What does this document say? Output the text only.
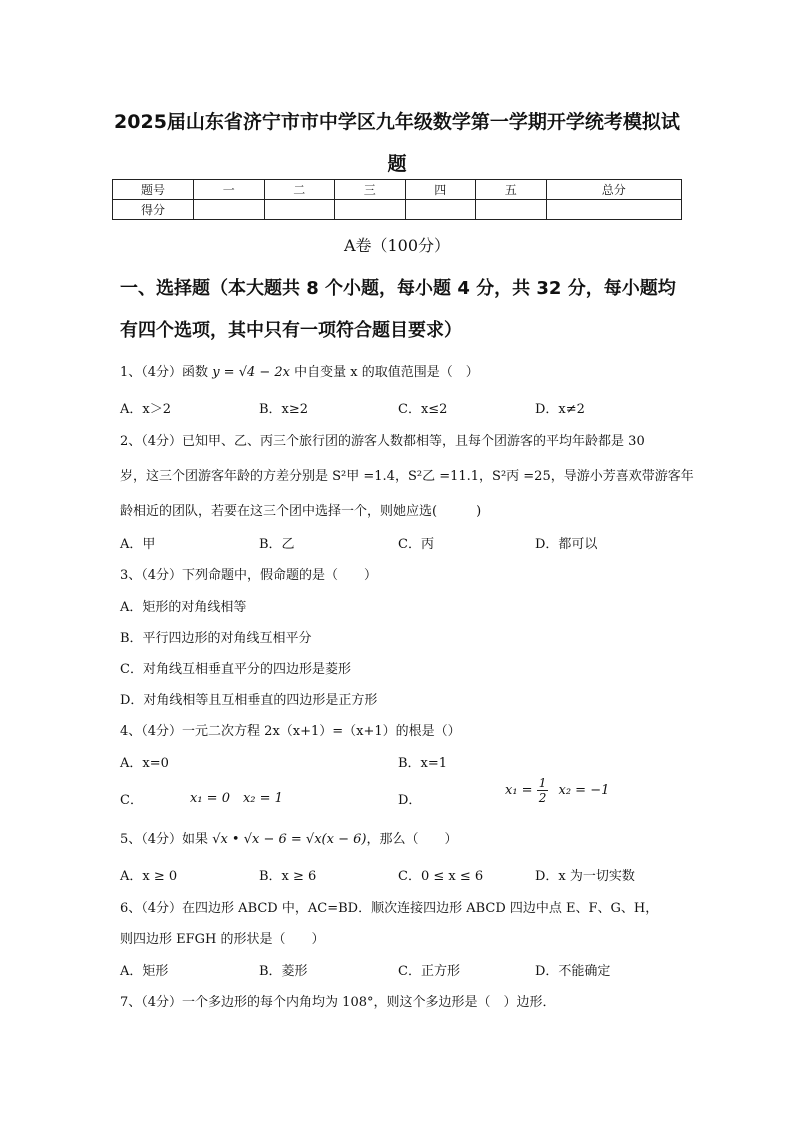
2025届山东省济宁市市中学区九年级数学第一学期开学统考模拟试
题
题号	一	二	三	四	五	总分
得分						
A卷（100分）
一、选择题（本大题共 8 个小题，每小题 4 分，共 32 分，每小题均
有四个选项，其中只有一项符合题目要求）
1、（4分）函数 y = √4 − 2x 中自变量 x 的取值范围是（　）
A．x＞2	B．x≥2	C．x≤2	D．x≠2
2、（4分）已知甲、乙、丙三个旅行团的游客人数都相等，且每个团游客的平均年龄都是 30
岁，这三个团游客年龄的方差分别是 S²甲 =1.4，S²乙 =11.1，S²丙 =25，导游小芳喜欢带游客年
龄相近的团队，若要在这三个团中选择一个，则她应选(　　　)
A．甲	B．乙	C．丙	D．都可以
3、（4分）下列命题中，假命题的是（　　）
A．矩形的对角线相等
B．平行四边形的对角线互相平分
C．对角线互相垂直平分的四边形是菱形
D．对角线相等且互相垂直的四边形是正方形
4、（4分）一元二次方程 2x（x+1）=（x+1）的根是（）
A．x=0	B．x=1
C．	x₁ = 0　x₂ = 1	D．
$x_1 = \frac{1}{2} x_2 = -1$
5、（4分）如果 √x • √x − 6 = √x(x − 6)，那么（　　）
A．x ≥ 0	B．x ≥ 6	C．0 ≤ x ≤ 6	D．x 为一切实数
6、（4分）在四边形 ABCD 中，AC=BD．顺次连接四边形 ABCD 四边中点 E、F、G、H，
则四边形 EFGH 的形状是（　　）
A．矩形	B．菱形	C．正方形	D．不能确定
7、（4分）一个多边形的每个内角均为 108°，则这个多边形是（　）边形．
